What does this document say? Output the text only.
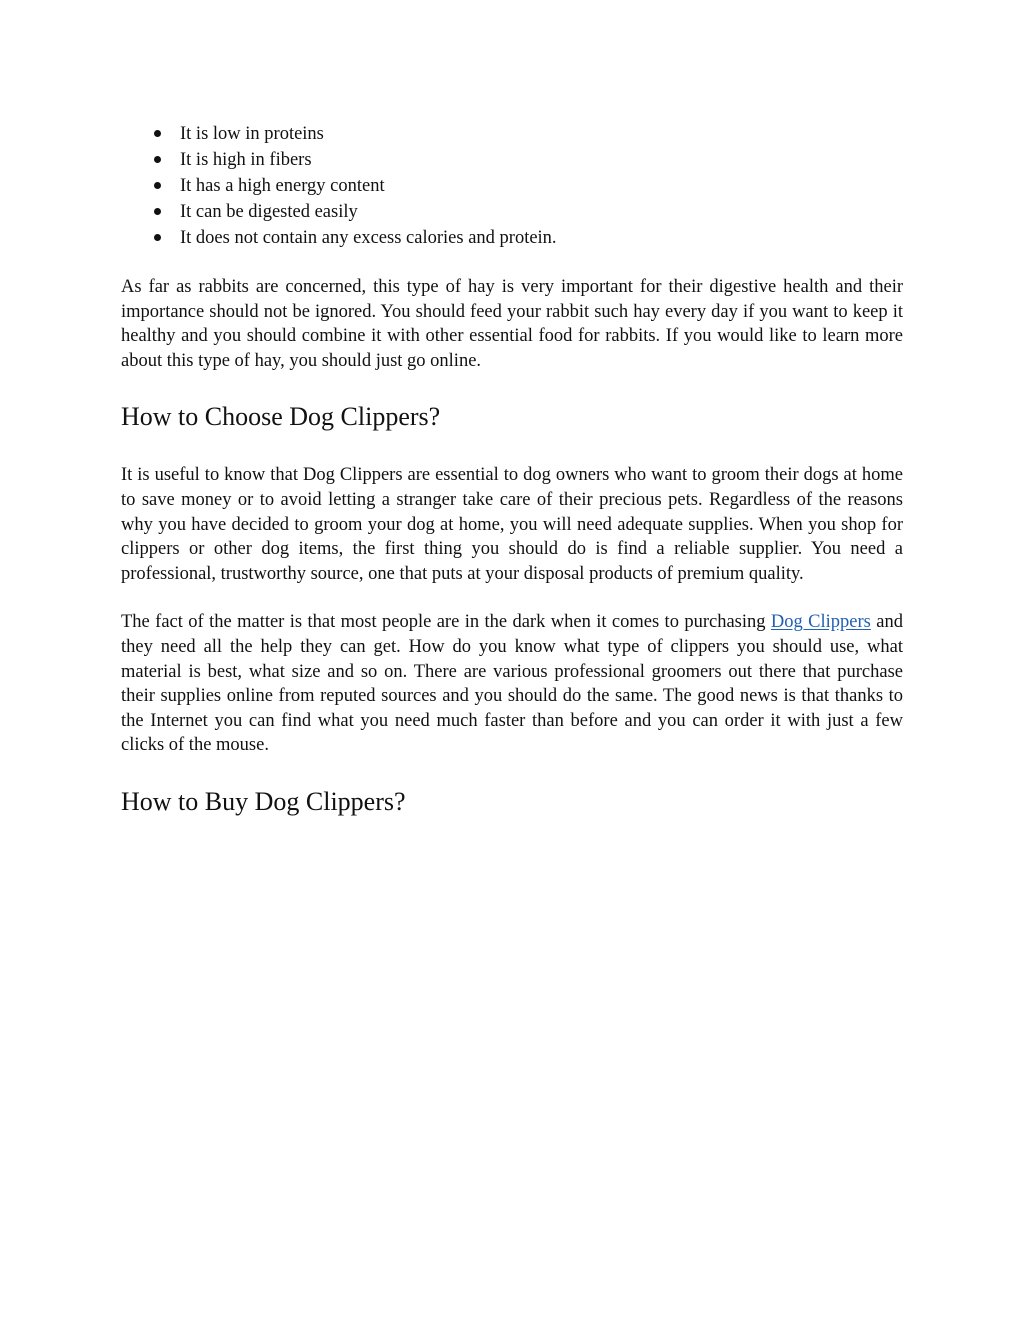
It is low in proteins
It is high in fibers
It has a high energy content
It can be digested easily
It does not contain any excess calories and protein.

As far as rabbits are concerned, this type of hay is very important for their digestive health and their importance should not be ignored. You should feed your rabbit such hay every day if you want to keep it healthy and you should combine it with other essential food for rabbits. If you would like to learn more about this type of hay, you should just go online.

How to Choose Dog Clippers?

It is useful to know that Dog Clippers are essential to dog owners who want to groom their dogs at home to save money or to avoid letting a stranger take care of their precious pets. Regardless of the reasons why you have decided to groom your dog at home, you will need adequate supplies. When you shop for clippers or other dog items, the first thing you should do is find a reliable supplier. You need a professional, trustworthy source, one that puts at your disposal products of premium quality.

The fact of the matter is that most people are in the dark when it comes to purchasing Dog Clippers and they need all the help they can get. How do you know what type of clippers you should use, what material is best, what size and so on. There are various professional groomers out there that purchase their supplies online from reputed sources and you should do the same. The good news is that thanks to the Internet you can find what you need much faster than before and you can order it with just a few clicks of the mouse.

How to Buy Dog Clippers?
